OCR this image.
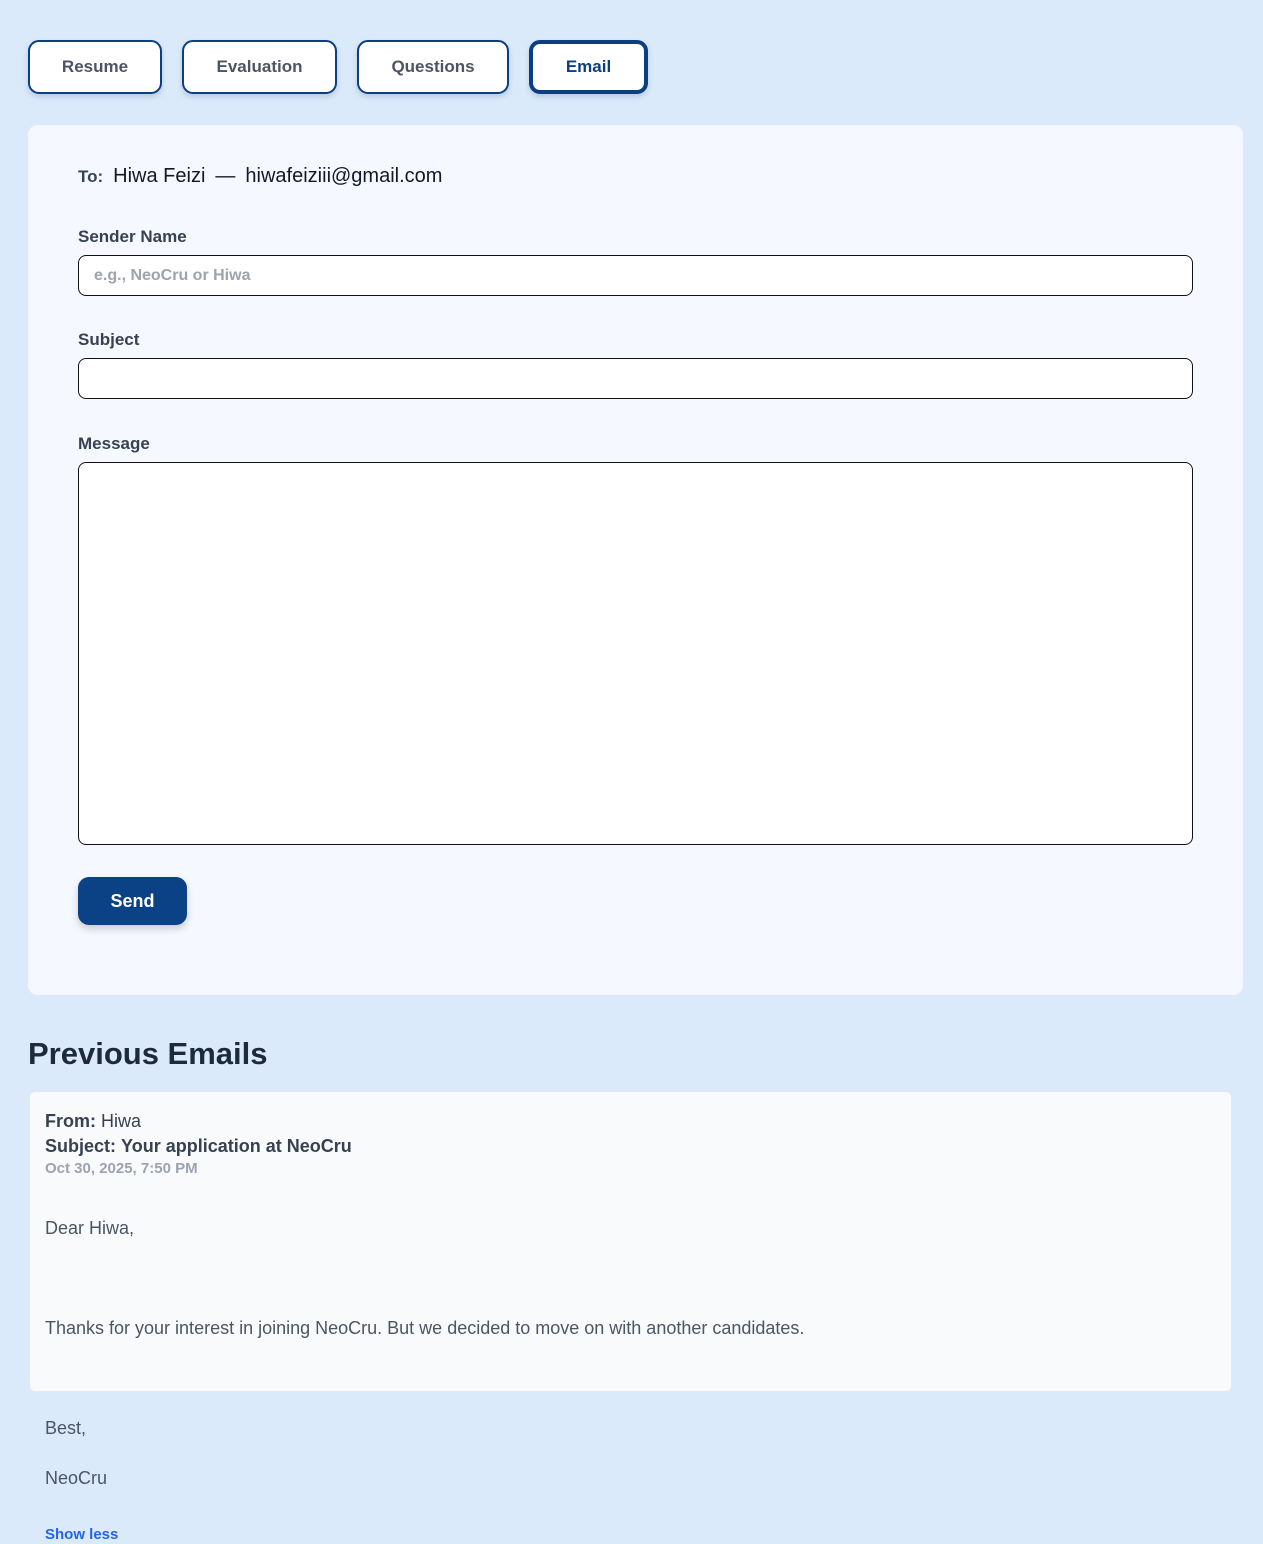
Resume	Evaluation	Questions	Email
To: Hiwa Feizi — hiwafeiziii@gmail.com
Sender Name
e.g., NeoCru or Hiwa
Subject
Message
Send
Previous Emails
From: Hiwa
Subject: Your application at NeoCru
Oct 30, 2025, 7:50 PM

Dear Hiwa,

Thanks for your interest in joining NeoCru. But we decided to move on with another candidates.

Best,

NeoCru

Show less
